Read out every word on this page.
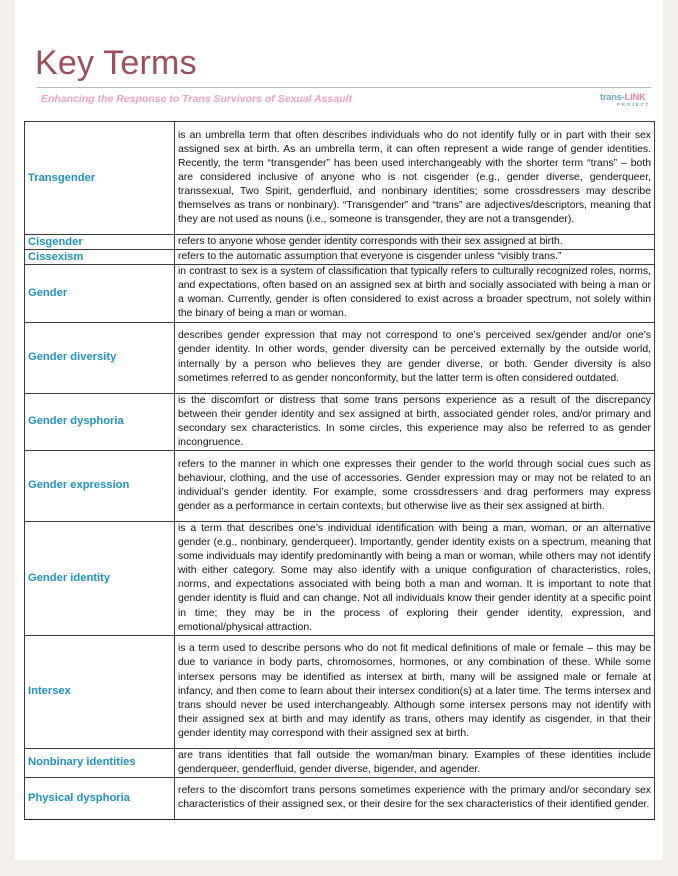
Key Terms
Enhancing the Response to Trans Survivors of Sexual Assault	trans-LINK
PROJECT
Transgender	is an umbrella term that often describes individuals who do not identify fully or in part with their sex assigned sex at birth. As an umbrella term, it can often represent a wide range of gender identities. Recently, the term “transgender” has been used interchangeably with the shorter term “trans” – both are considered inclusive of anyone who is not cisgender (e.g., gender diverse, genderqueer, transsexual, Two Spirit, genderfluid, and nonbinary identities; some crossdressers may describe themselves as trans or nonbinary). “Transgender” and “trans” are adjectives/descriptors, meaning that they are not used as nouns (i.e., someone is transgender, they are not a transgender).
Cisgender	refers to anyone whose gender identity corresponds with their sex assigned at birth.
Cissexism	refers to the automatic assumption that everyone is cisgender unless “visibly trans.”
Gender	in contrast to sex is a system of classification that typically refers to culturally recognized roles, norms, and expectations, often based on an assigned sex at birth and socially associated with being a man or a woman. Currently, gender is often considered to exist across a broader spectrum, not solely within the binary of being a man or woman.
Gender diversity	describes gender expression that may not correspond to one’s perceived sex/gender and/or one’s gender identity. In other words, gender diversity can be perceived externally by the outside world, internally by a person who believes they are gender diverse, or both. Gender diversity is also sometimes referred to as gender nonconformity, but the latter term is often considered outdated.
Gender dysphoria	is the discomfort or distress that some trans persons experience as a result of the discrepancy between their gender identity and sex assigned at birth, associated gender roles, and/or primary and secondary sex characteristics. In some circles, this experience may also be referred to as gender incongruence.
Gender expression	refers to the manner in which one expresses their gender to the world through social cues such as behaviour, clothing, and the use of accessories. Gender expression may or may not be related to an individual’s gender identity. For example, some crossdressers and drag performers may express gender as a performance in certain contexts, but otherwise live as their sex assigned at birth.
Gender identity	is a term that describes one’s individual identification with being a man, woman, or an alternative gender (e.g., nonbinary, genderqueer). Importantly, gender identity exists on a spectrum, meaning that some individuals may identify predominantly with being a man or woman, while others may not identify with either category. Some may also identify with a unique configuration of characteristics, roles, norms, and expectations associated with being both a man and woman. It is important to note that gender identity is fluid and can change. Not all individuals know their gender identity at a specific point in time; they may be in the process of exploring their gender identity, expression, and emotional/physical attraction.
Intersex	is a term used to describe persons who do not fit medical definitions of male or female – this may be due to variance in body parts, chromosomes, hormones, or any combination of these. While some intersex persons may be identified as intersex at birth, many will be assigned male or female at infancy, and then come to learn about their intersex condition(s) at a later time. The terms intersex and trans should never be used interchangeably. Although some intersex persons may not identify with their assigned sex at birth and may identify as trans, others may identify as cisgender, in that their gender identity may correspond with their assigned sex at birth.
Nonbinary identities	are trans identities that fall outside the woman/man binary. Examples of these identities include genderqueer, genderfluid, gender diverse, bigender, and agender.
Physical dysphoria	refers to the discomfort trans persons sometimes experience with the primary and/or secondary sex characteristics of their assigned sex, or their desire for the sex characteristics of their identified gender.
